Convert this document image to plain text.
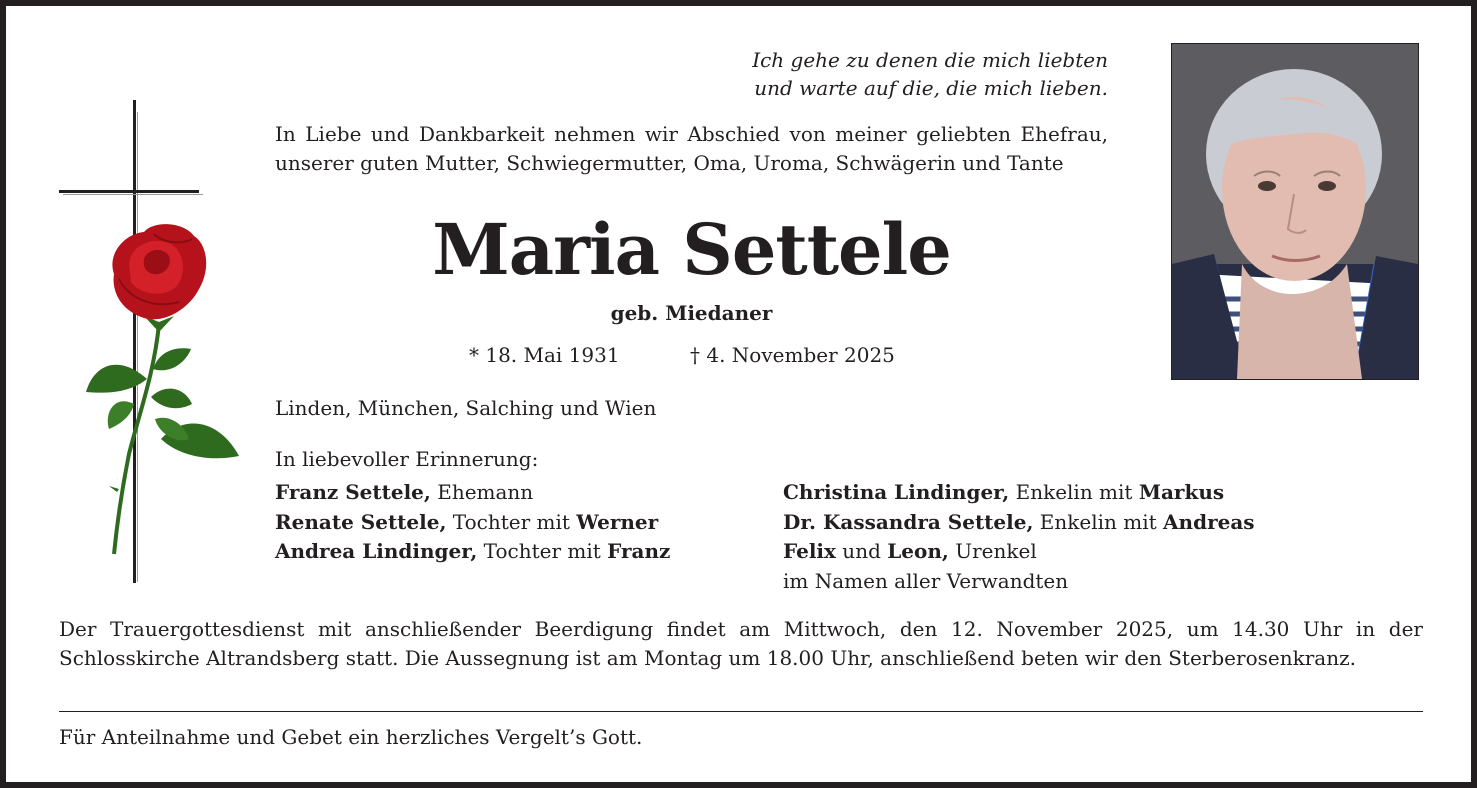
Ich gehe zu denen die mich liebten
und warte auf die, die mich lieben.
In Liebe und Dankbarkeit nehmen wir Abschied von meiner geliebten Ehefrau, unserer guten Mutter, Schwiegermutter, Oma, Uroma, Schwägerin und Tante
Maria Settele
geb. Miedaner
* 18. Mai 1931	† 4. November 2025
Linden, München, Salching und Wien
In liebevoller Erinnerung:
Franz Settele, Ehemann
Renate Settele, Tochter mit Werner
Andrea Lindinger, Tochter mit Franz
Christina Lindinger, Enkelin mit Markus
Dr. Kassandra Settele, Enkelin mit Andreas
Felix und Leon, Urenkel
im Namen aller Verwandten
Der Trauergottesdienst mit anschließender Beerdigung findet am Mittwoch, den 12. November 2025, um 14.30 Uhr in der Schlosskirche Altrandsberg statt. Die Aussegnung ist am Montag um 18.00 Uhr, anschließend beten wir den Sterberosenkranz.
Für Anteilnahme und Gebet ein herzliches Vergelt’s Gott.
